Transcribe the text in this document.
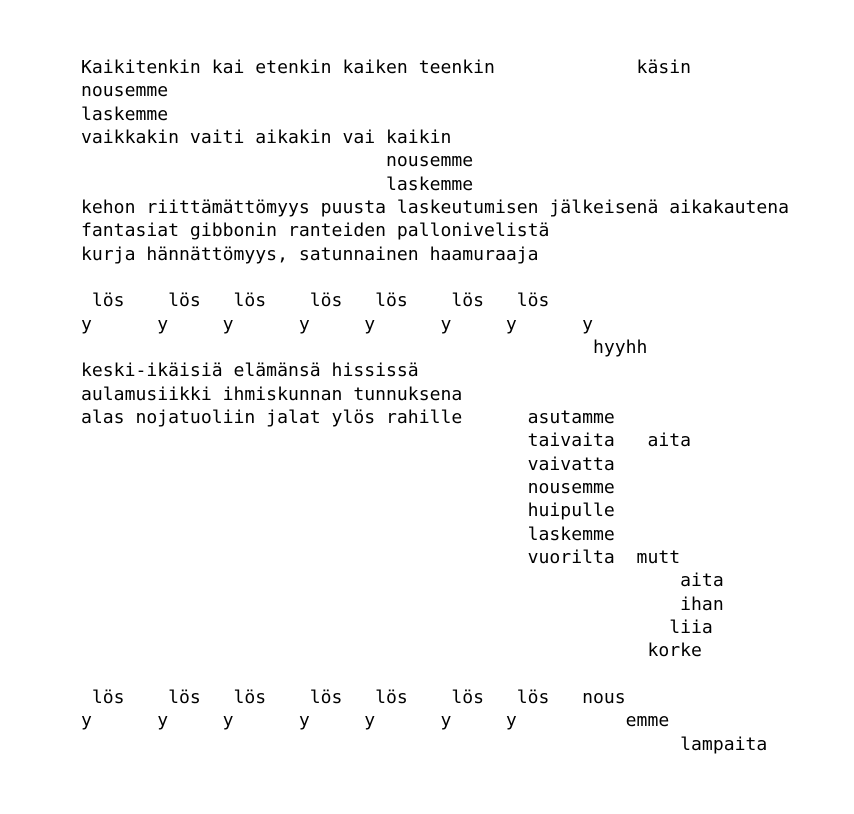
Kaikitenkin kai etenkin kaiken teenkin             käsin
nousemme
laskemme
vaikkakin vaiti aikakin vai kaikin
nousemme
laskemme
kehon riittämättömyys puusta laskeutumisen jälkeisenä aikakautena
fantasiat gibbonin ranteiden pallonivelistä
kurja hännättömyys, satunnainen haamuraaja

lös    lös   lös    lös   lös    lös   lös
y      y     y      y     y      y     y      y
hyyhh
keski-ikäisiä elämänsä hississä
aulamusiikki ihmiskunnan tunnuksena
alas nojatuoliin jalat ylös rahille      asutamme
taivaita   aita
vaivatta
nousemme
huipulle
laskemme
vuorilta  mutt
aita
ihan
liia
korke

lös    lös   lös    lös   lös    lös   lös   nous
y      y     y      y     y      y     y          emme
lampaita
